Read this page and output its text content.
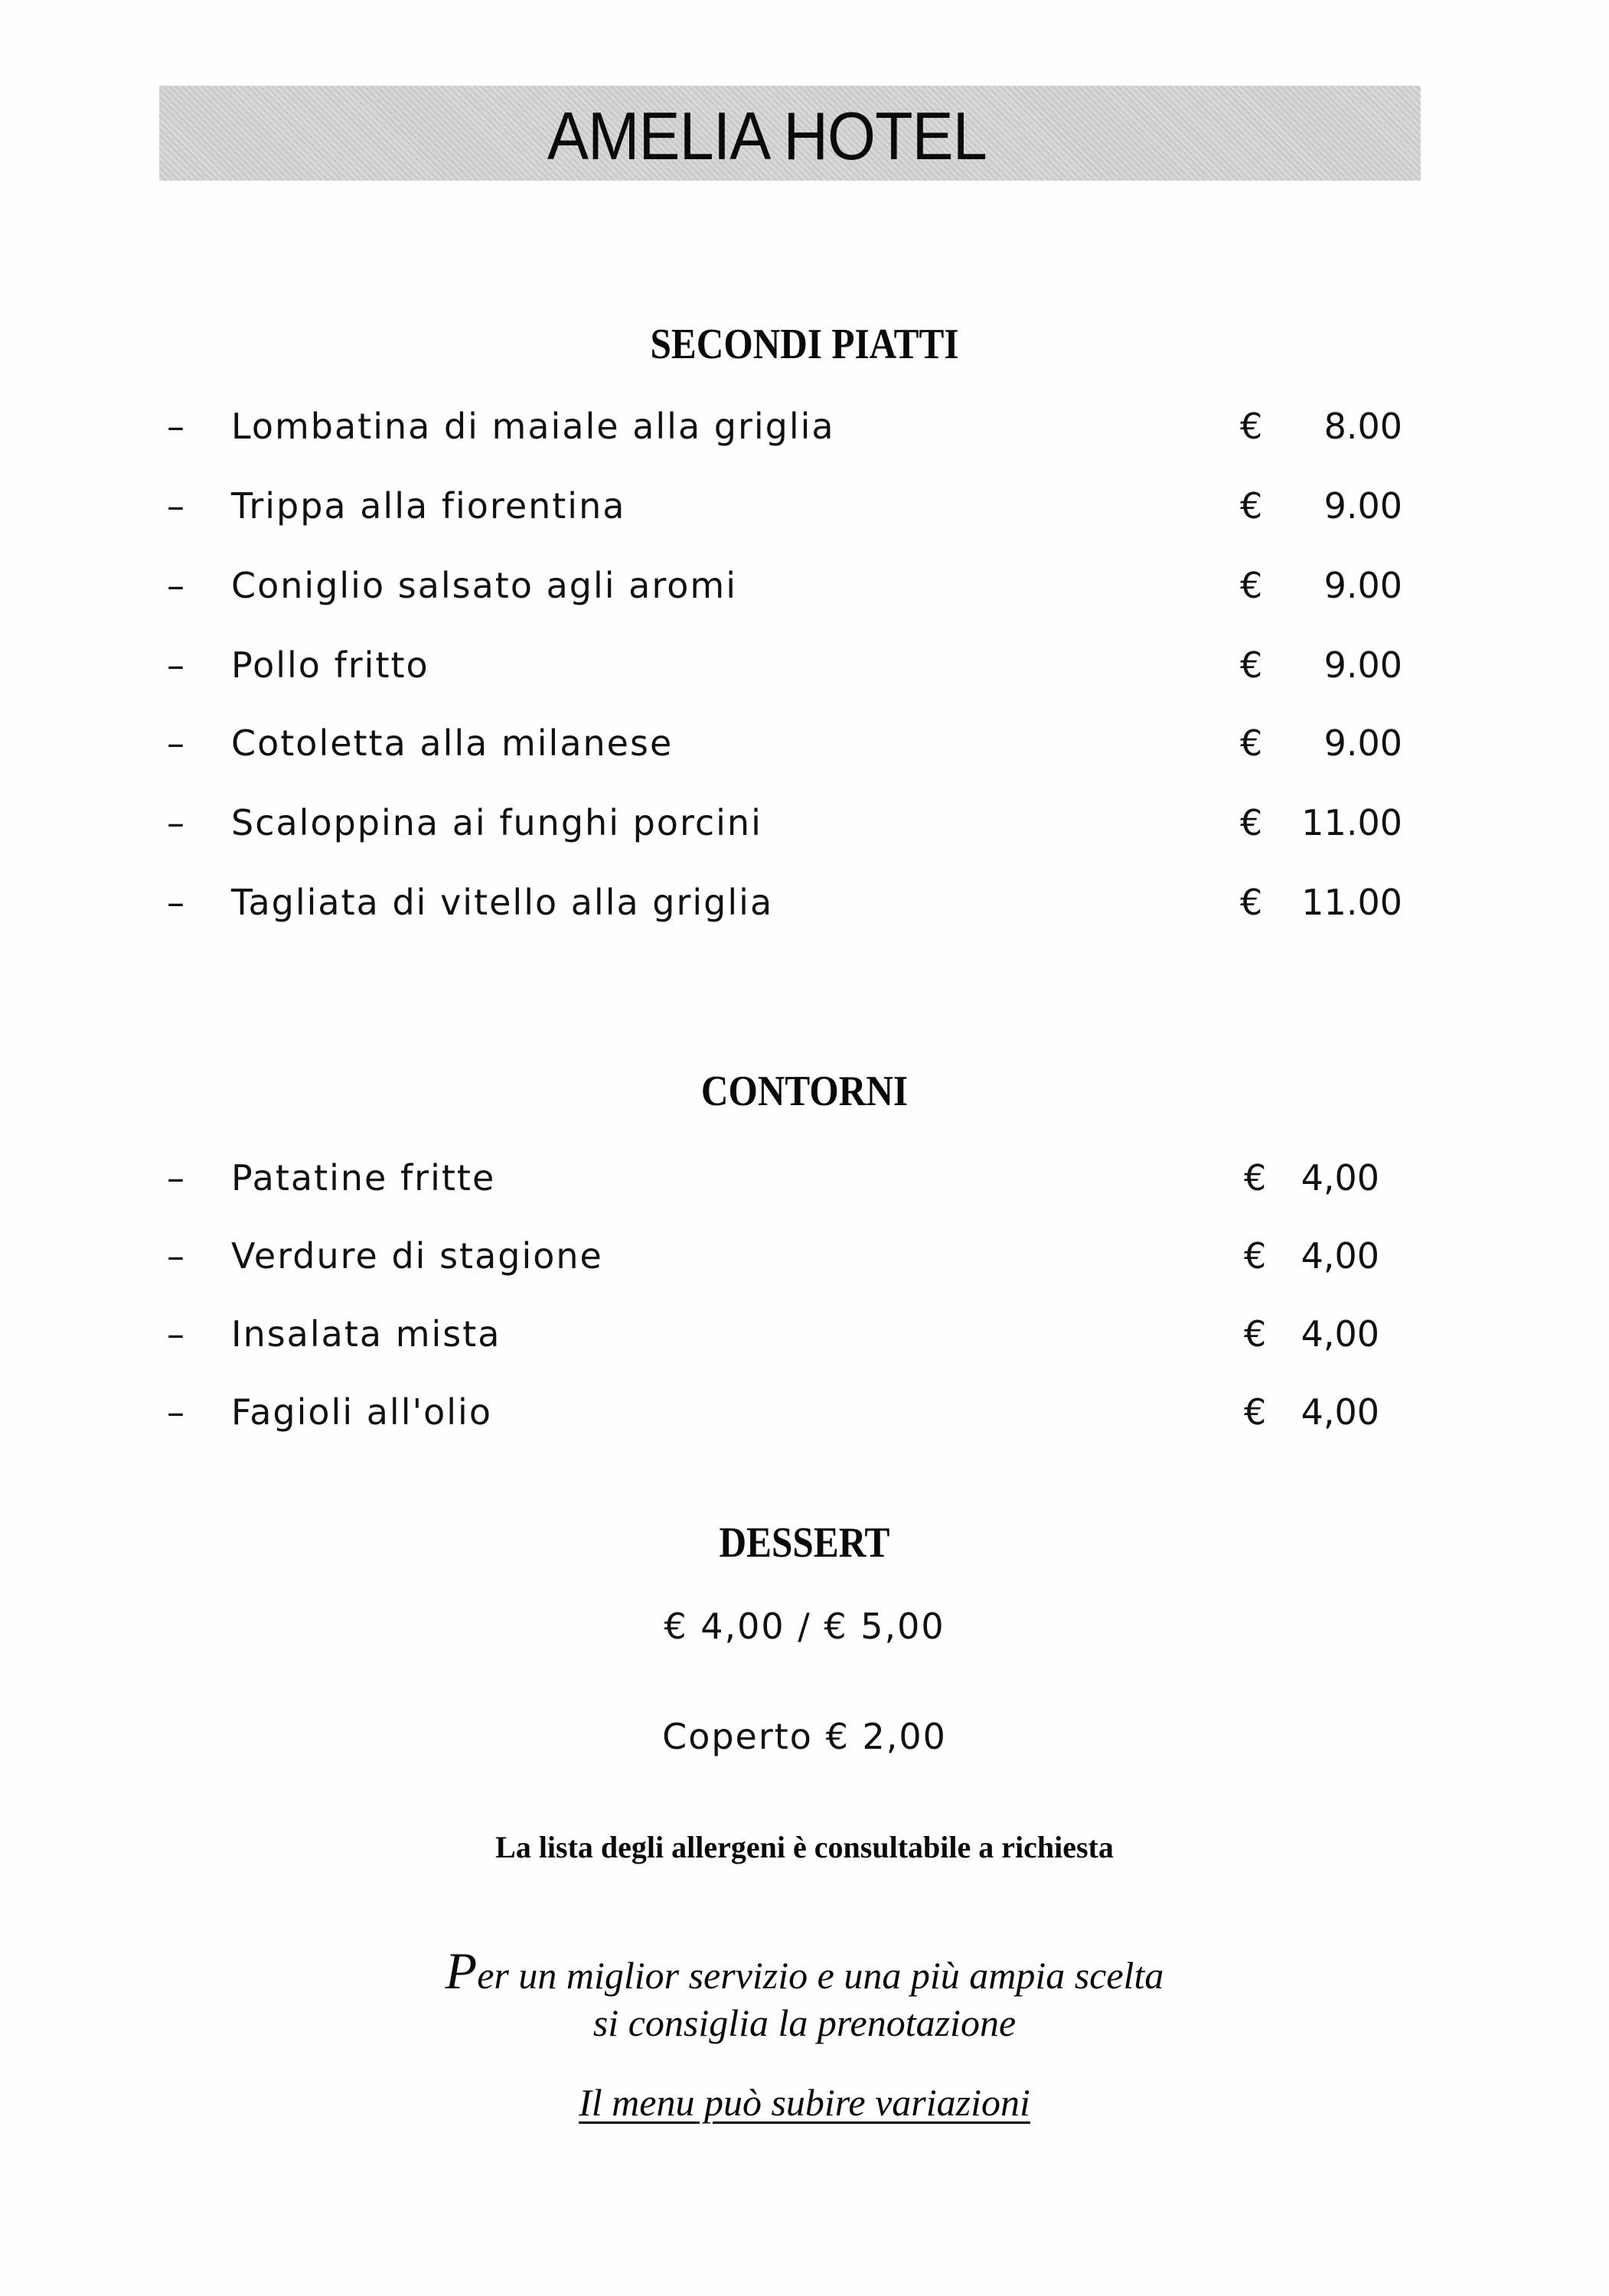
AMELIA HOTEL
SECONDI PIATTI
– Lombatina di maiale alla griglia	€ 8.00
– Trippa alla fiorentina	€ 9.00
– Coniglio salsato agli aromi	€ 9.00
– Pollo fritto	€ 9.00
– Cotoletta alla milanese	€ 9.00
– Scaloppina ai funghi porcini	€ 11.00
– Tagliata di vitello alla griglia	€ 11.00
CONTORNI
– Patatine fritte	€ 4,00
– Verdure di stagione	€ 4,00
– Insalata mista	€ 4,00
– Fagioli all'olio	€ 4,00
DESSERT
€ 4,00 / € 5,00
Coperto € 2,00
La lista degli allergeni è consultabile a richiesta
Per un miglior servizio e una più ampia scelta
si consiglia la prenotazione
Il menu può subire variazioni
